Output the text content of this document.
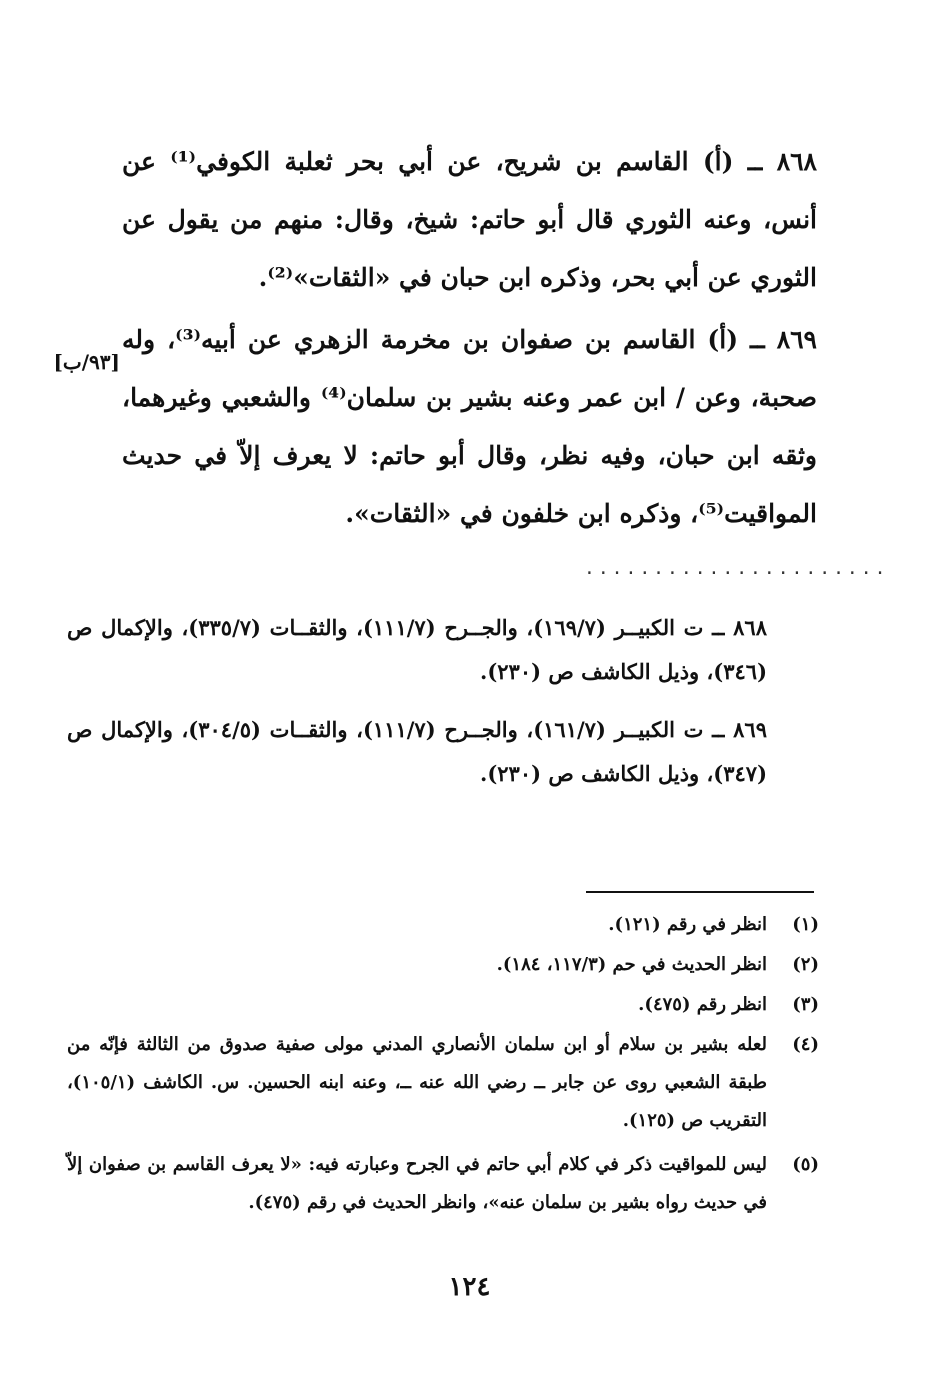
٨٦٨ ــ (أ) القاسم بن شريح، عن أبي بحر ثعلبة الكوفي⁽¹⁾ عن أنس، وعنه الثوري قال أبو حاتم: شيخ، وقال: منهم من يقول عن الثوري عن أبي بحر، وذكره ابن حبان في «الثقات»⁽²⁾.

٨٦٩ ــ (أ) القاسم بن صفوان بن مخرمة الزهري عن أبيه⁽³⁾، وله صحبة، وعن / ابن عمر وعنه بشير بن سلمان⁽⁴⁾ والشعبي وغيرهما، وثقه ابن حبان، وفيه نظر، وقال أبو حاتم: لا يعرف إلاّ في حديث المواقيت⁽⁵⁾، وذكره ابن خلفون في «الثقات».

[٩٣/ب]
......................

٨٦٨ ــ ت الكبيــر (١٦٩/٧)، والجــرح (١١١/٧)، والثقــات (٣٣٥/٧)، والإكمال ص (٣٤٦)، وذيل الكاشف ص (٢٣٠).

٨٦٩ ــ ت الكبيــر (١٦١/٧)، والجــرح (١١١/٧)، والثقــات (٣٠٤/٥)، والإكمال ص (٣٤٧)، وذيل الكاشف ص (٢٣٠).

(١)
انظر في رقم (١٢١).
(٢)
انظر الحديث في حم (١١٧/٣، ١٨٤).
(٣)
انظر رقم (٤٧٥).
(٤)
لعله بشير بن سلام أو ابن سلمان الأنصاري المدني مولى صفية صدوق من الثالثة فإنّه من طبقة الشعبي روى عن جابر ــ رضي الله عنه ــ، وعنه ابنه الحسين. س. الكاشف (١٠٥/١)، التقريب ص (١٢٥).
(٥)
ليس للمواقيت ذكر في كلام أبي حاتم في الجرح وعبارته فيه: «لا يعرف القاسم بن صفوان إلاّ في حديث رواه بشير بن سلمان عنه»، وانظر الحديث في رقم (٤٧٥).
١٢٤
